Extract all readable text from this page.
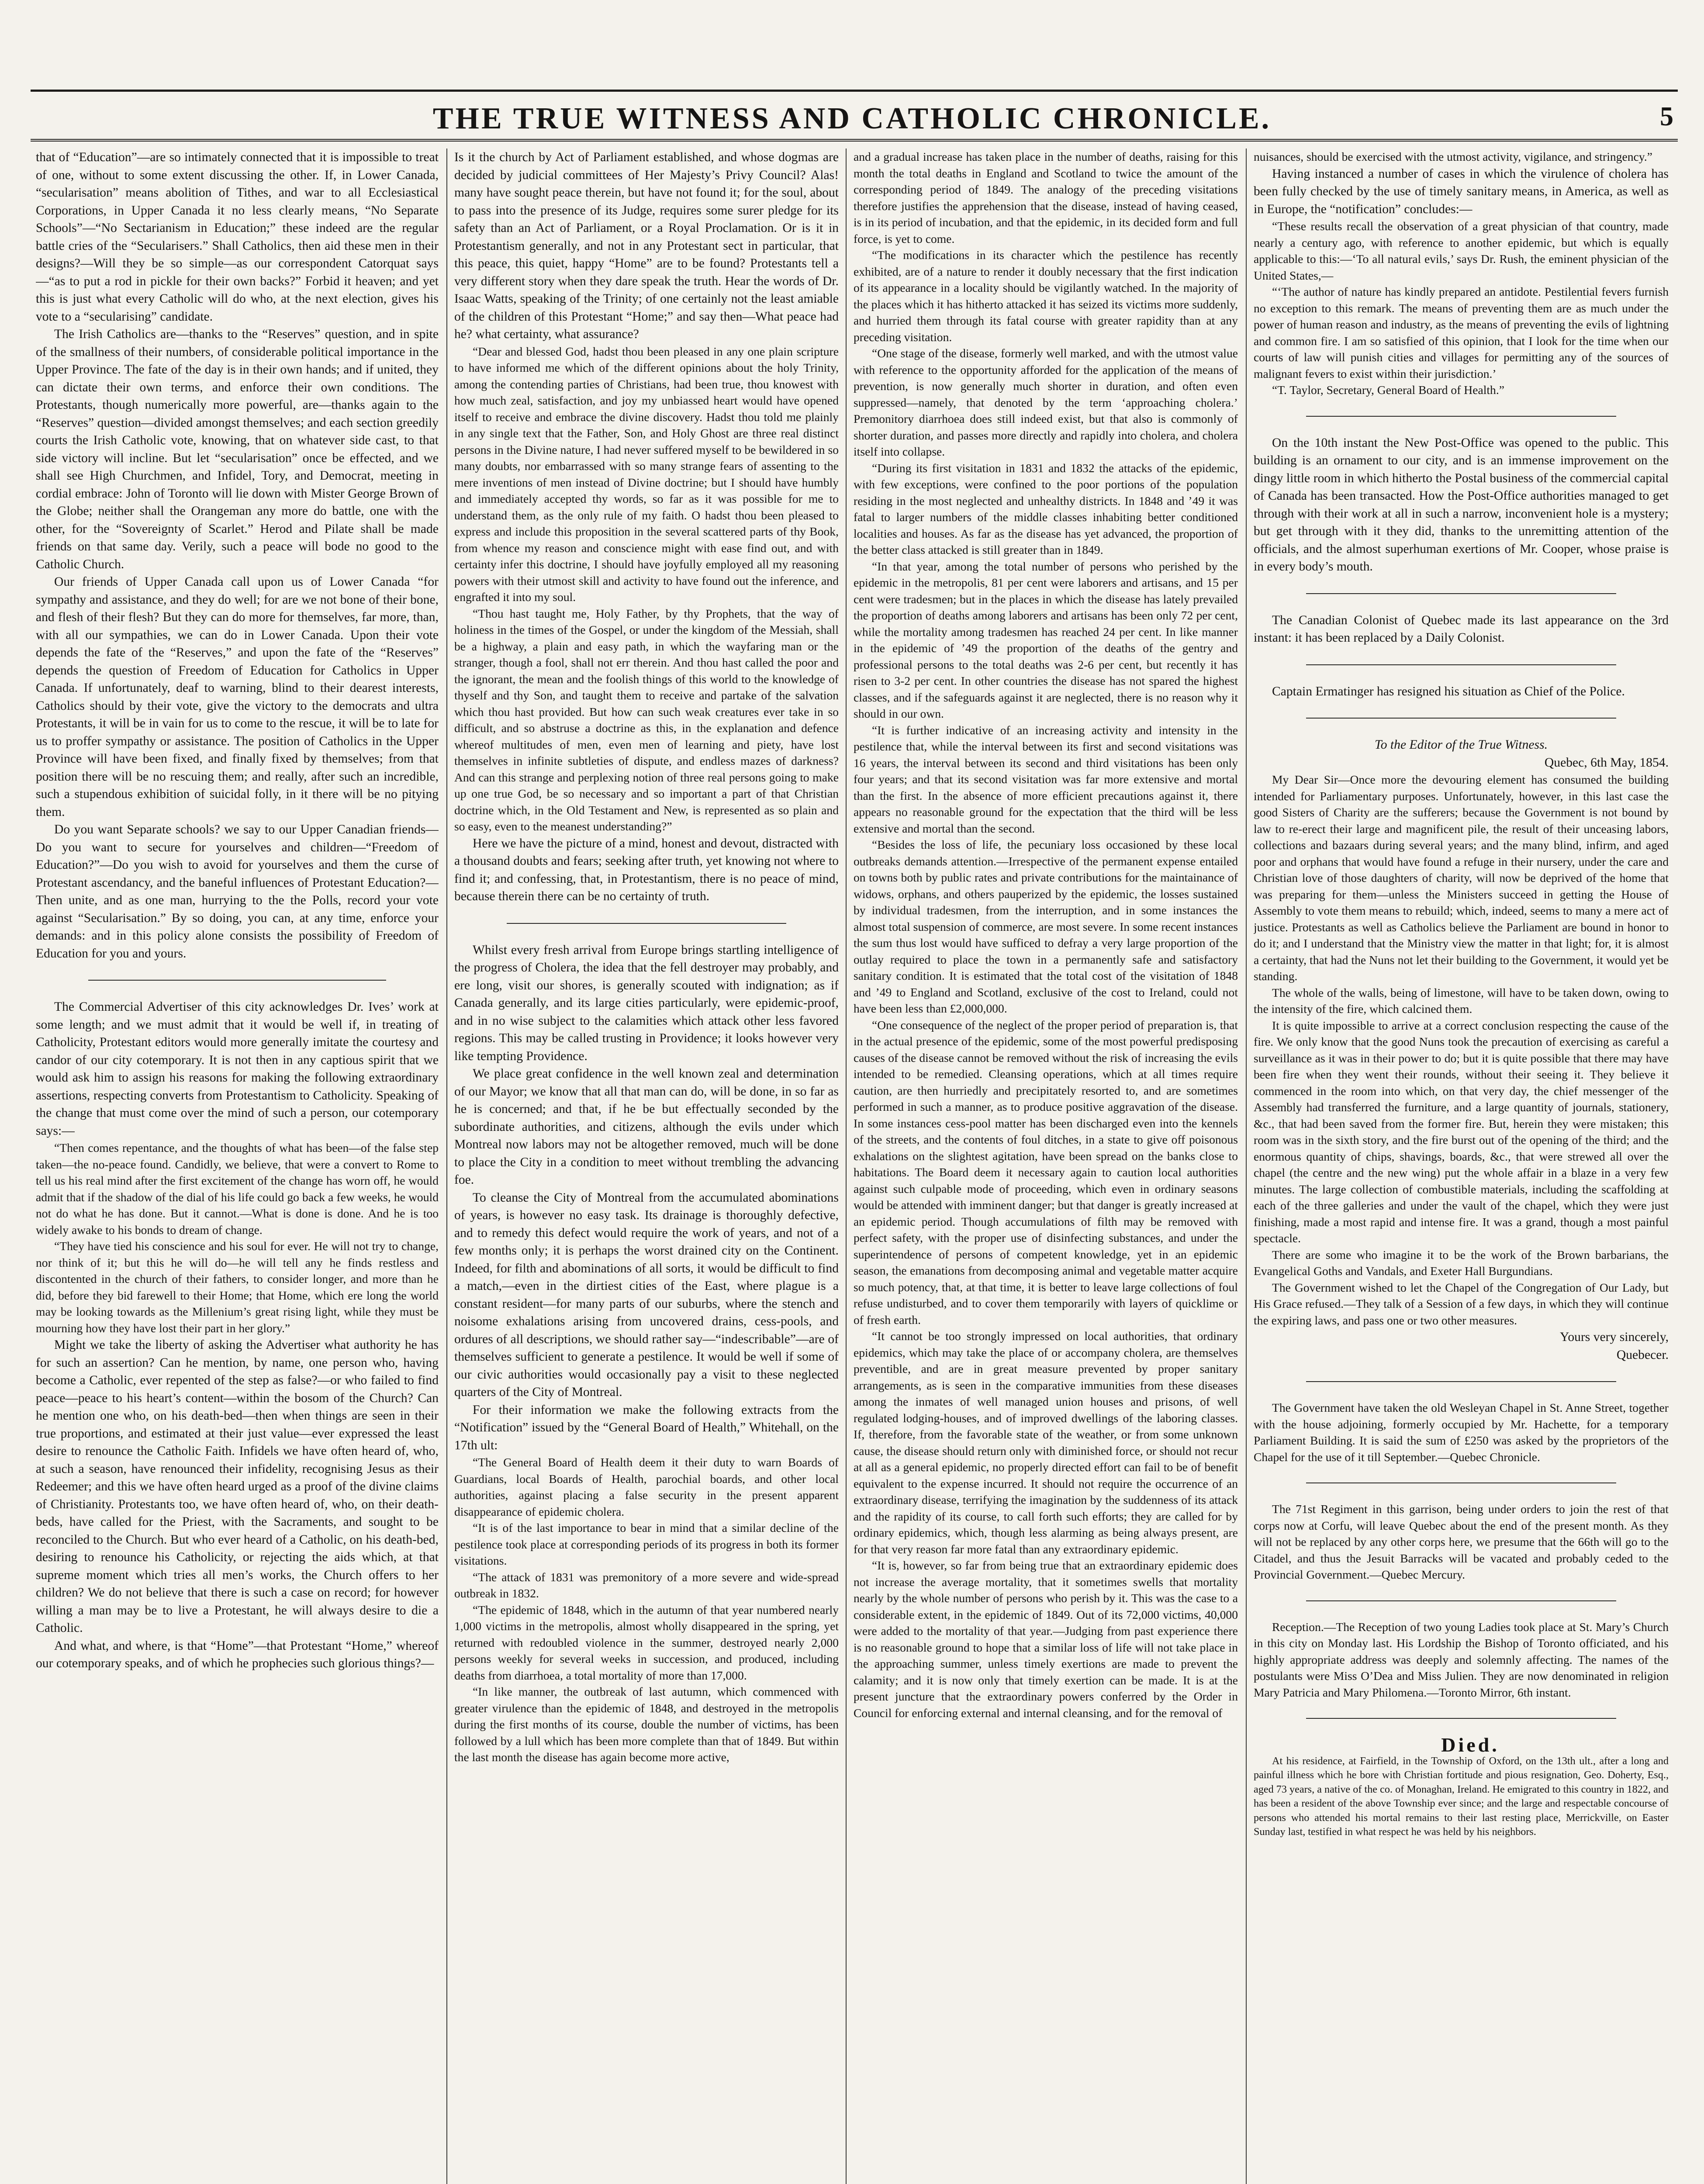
THE TRUE WITNESS AND CATHOLIC CHRONICLE.	5

that of “Education”—are so intimately connected that it is impossible to treat of one, without to some extent discussing the other. If, in Lower Canada, “secularisation” means abolition of Tithes, and war to all Ecclesiastical Corporations, in Upper Canada it no less clearly means, “No Separate Schools”—“No Sectarianism in Education;” these indeed are the regular battle cries of the “Secularisers.” Shall Catholics, then aid these men in their designs?—Will they be so simple—as our correspondent Catorquat says—“as to put a rod in pickle for their own backs?” Forbid it heaven; and yet this is just what every Catholic will do who, at the next election, gives his vote to a “secularising” candidate.

The Irish Catholics are—thanks to the “Reserves” question, and in spite of the smallness of their numbers, of considerable political importance in the Upper Province. The fate of the day is in their own hands; and if united, they can dictate their own terms, and enforce their own conditions. The Protestants, though numerically more powerful, are—thanks again to the “Reserves” question—divided amongst themselves; and each section greedily courts the Irish Catholic vote, knowing, that on whatever side cast, to that side victory will incline. But let “secularisation” once be effected, and we shall see High Churchmen, and Infidel, Tory, and Democrat, meeting in cordial embrace: John of Toronto will lie down with Mister George Brown of the Globe; neither shall the Orangeman any more do battle, one with the other, for the “Sovereignty of Scarlet.” Herod and Pilate shall be made friends on that same day. Verily, such a peace will bode no good to the Catholic Church.

Our friends of Upper Canada call upon us of Lower Canada “for sympathy and assistance, and they do well; for are we not bone of their bone, and flesh of their flesh? But they can do more for themselves, far more, than, with all our sympathies, we can do in Lower Canada. Upon their vote depends the fate of the “Reserves,” and upon the fate of the “Reserves” depends the question of Freedom of Education for Catholics in Upper Canada. If unfortunately, deaf to warning, blind to their dearest interests, Catholics should by their vote, give the victory to the democrats and ultra Protestants, it will be in vain for us to come to the rescue, it will be to late for us to proffer sympathy or assistance. The position of Catholics in the Upper Province will have been fixed, and finally fixed by themselves; from that position there will be no rescuing them; and really, after such an incredible, such a stupendous exhibition of suicidal folly, in it there will be no pitying them.

Do you want Separate schools? we say to our Upper Canadian friends—Do you want to secure for yourselves and children—“Freedom of Education?”—Do you wish to avoid for yourselves and them the curse of Protestant ascendancy, and the baneful influences of Protestant Education?—Then unite, and as one man, hurrying to the the Polls, record your vote against “Secularisation.” By so doing, you can, at any time, enforce your demands: and in this policy alone consists the possibility of Freedom of Education for you and yours.

The Commercial Advertiser of this city acknowledges Dr. Ives’ work at some length; and we must admit that it would be well if, in treating of Catholicity, Protestant editors would more generally imitate the courtesy and candor of our city cotemporary. It is not then in any captious spirit that we would ask him to assign his reasons for making the following extraordinary assertions, respecting converts from Protestantism to Catholicity. Speaking of the change that must come over the mind of such a person, our cotemporary says:—

“Then comes repentance, and the thoughts of what has been—of the false step taken—the no-peace found. Candidly, we believe, that were a convert to Rome to tell us his real mind after the first excitement of the change has worn off, he would admit that if the shadow of the dial of his life could go back a few weeks, he would not do what he has done. But it cannot.—What is done is done. And he is too widely awake to his bonds to dream of change.

“They have tied his conscience and his soul for ever. He will not try to change, nor think of it; but this he will do—he will tell any he finds restless and discontented in the church of their fathers, to consider longer, and more than he did, before they bid farewell to their Home; that Home, which ere long the world may be looking towards as the Millenium’s great rising light, while they must be mourning how they have lost their part in her glory.”

Might we take the liberty of asking the Advertiser what authority he has for such an assertion? Can he mention, by name, one person who, having become a Catholic, ever repented of the step as false?—or who failed to find peace—peace to his heart’s content—within the bosom of the Church? Can he mention one who, on his death-bed—then when things are seen in their true proportions, and estimated at their just value—ever expressed the least desire to renounce the Catholic Faith. Infidels we have often heard of, who, at such a season, have renounced their infidelity, recognising Jesus as their Redeemer; and this we have often heard urged as a proof of the divine claims of Christianity. Protestants too, we have often heard of, who, on their death-beds, have called for the Priest, with the Sacraments, and sought to be reconciled to the Church. But who ever heard of a Catholic, on his death-bed, desiring to renounce his Catholicity, or rejecting the aids which, at that supreme moment which tries all men’s works, the Church offers to her children? We do not believe that there is such a case on record; for however willing a man may be to live a Protestant, he will always desire to die a Catholic.

And what, and where, is that “Home”—that Protestant “Home,” whereof our cotemporary speaks, and of which he prophecies such glorious things?—

Is it the church by Act of Parliament established, and whose dogmas are decided by judicial committees of Her Majesty’s Privy Council? Alas! many have sought peace therein, but have not found it; for the soul, about to pass into the presence of its Judge, requires some surer pledge for its safety than an Act of Parliament, or a Royal Proclamation. Or is it in Protestantism generally, and not in any Protestant sect in particular, that this peace, this quiet, happy “Home” are to be found? Protestants tell a very different story when they dare speak the truth. Hear the words of Dr. Isaac Watts, speaking of the Trinity; of one certainly not the least amiable of the children of this Protestant “Home;” and say then—What peace had he? what certainty, what assurance?

“Dear and blessed God, hadst thou been pleased in any one plain scripture to have informed me which of the different opinions about the holy Trinity, among the contending parties of Christians, had been true, thou knowest with how much zeal, satisfaction, and joy my unbiassed heart would have opened itself to receive and embrace the divine discovery. Hadst thou told me plainly in any single text that the Father, Son, and Holy Ghost are three real distinct persons in the Divine nature, I had never suffered myself to be bewildered in so many doubts, nor embarrassed with so many strange fears of assenting to the mere inventions of men instead of Divine doctrine; but I should have humbly and immediately accepted thy words, so far as it was possible for me to understand them, as the only rule of my faith. O hadst thou been pleased to express and include this proposition in the several scattered parts of thy Book, from whence my reason and conscience might with ease find out, and with certainty infer this doctrine, I should have joyfully employed all my reasoning powers with their utmost skill and activity to have found out the inference, and engrafted it into my soul.

“Thou hast taught me, Holy Father, by thy Prophets, that the way of holiness in the times of the Gospel, or under the kingdom of the Messiah, shall be a highway, a plain and easy path, in which the wayfaring man or the stranger, though a fool, shall not err therein. And thou hast called the poor and the ignorant, the mean and the foolish things of this world to the knowledge of thyself and thy Son, and taught them to receive and partake of the salvation which thou hast provided. But how can such weak creatures ever take in so difficult, and so abstruse a doctrine as this, in the explanation and defence whereof multitudes of men, even men of learning and piety, have lost themselves in infinite subtleties of dispute, and endless mazes of darkness? And can this strange and perplexing notion of three real persons going to make up one true God, be so necessary and so important a part of that Christian doctrine which, in the Old Testament and New, is represented as so plain and so easy, even to the meanest understanding?”

Here we have the picture of a mind, honest and devout, distracted with a thousand doubts and fears; seeking after truth, yet knowing not where to find it; and confessing, that, in Protestantism, there is no peace of mind, because therein there can be no certainty of truth.

Whilst every fresh arrival from Europe brings startling intelligence of the progress of Cholera, the idea that the fell destroyer may probably, and ere long, visit our shores, is generally scouted with indignation; as if Canada generally, and its large cities particularly, were epidemic-proof, and in no wise subject to the calamities which attack other less favored regions. This may be called trusting in Providence; it looks however very like tempting Providence.

We place great confidence in the well known zeal and determination of our Mayor; we know that all that man can do, will be done, in so far as he is concerned; and that, if he be but effectually seconded by the subordinate authorities, and citizens, although the evils under which Montreal now labors may not be altogether removed, much will be done to place the City in a condition to meet without trembling the advancing foe.

To cleanse the City of Montreal from the accumulated abominations of years, is however no easy task. Its drainage is thoroughly defective, and to remedy this defect would require the work of years, and not of a few months only; it is perhaps the worst drained city on the Continent. Indeed, for filth and abominations of all sorts, it would be difficult to find a match,—even in the dirtiest cities of the East, where plague is a constant resident—for many parts of our suburbs, where the stench and noisome exhalations arising from uncovered drains, cess-pools, and ordures of all descriptions, we should rather say—“indescribable”—are of themselves sufficient to generate a pestilence. It would be well if some of our civic authorities would occasionally pay a visit to these neglected quarters of the City of Montreal.

For their information we make the following extracts from the “Notification” issued by the “General Board of Health,” Whitehall, on the 17th ult:

“The General Board of Health deem it their duty to warn Boards of Guardians, local Boards of Health, parochial boards, and other local authorities, against placing a false security in the present apparent disappearance of epidemic cholera.

“It is of the last importance to bear in mind that a similar decline of the pestilence took place at corresponding periods of its progress in both its former visitations.

“The attack of 1831 was premonitory of a more severe and wide-spread outbreak in 1832.

“The epidemic of 1848, which in the autumn of that year numbered nearly 1,000 victims in the metropolis, almost wholly disappeared in the spring, yet returned with redoubled violence in the summer, destroyed nearly 2,000 persons weekly for several weeks in succession, and produced, including deaths from diarrhoea, a total mortality of more than 17,000.

“In like manner, the outbreak of last autumn, which commenced with greater virulence than the epidemic of 1848, and destroyed in the metropolis during the first months of its course, double the number of victims, has been followed by a lull which has been more complete than that of 1849. But within the last month the disease has again become more active,

and a gradual increase has taken place in the number of deaths, raising for this month the total deaths in England and Scotland to twice the amount of the corresponding period of 1849. The analogy of the preceding visitations therefore justifies the apprehension that the disease, instead of having ceased, is in its period of incubation, and that the epidemic, in its decided form and full force, is yet to come.

“The modifications in its character which the pestilence has recently exhibited, are of a nature to render it doubly necessary that the first indication of its appearance in a locality should be vigilantly watched. In the majority of the places which it has hitherto attacked it has seized its victims more suddenly, and hurried them through its fatal course with greater rapidity than at any preceding visitation.

“One stage of the disease, formerly well marked, and with the utmost value with reference to the opportunity afforded for the application of the means of prevention, is now generally much shorter in duration, and often even suppressed—namely, that denoted by the term ‘approaching cholera.’ Premonitory diarrhoea does still indeed exist, but that also is commonly of shorter duration, and passes more directly and rapidly into cholera, and cholera itself into collapse.

“During its first visitation in 1831 and 1832 the attacks of the epidemic, with few exceptions, were confined to the poor portions of the population residing in the most neglected and unhealthy districts. In 1848 and ’49 it was fatal to larger numbers of the middle classes inhabiting better conditioned localities and houses. As far as the disease has yet advanced, the proportion of the better class attacked is still greater than in 1849.

“In that year, among the total number of persons who perished by the epidemic in the metropolis, 81 per cent were laborers and artisans, and 15 per cent were tradesmen; but in the places in which the disease has lately prevailed the proportion of deaths among laborers and artisans has been only 72 per cent, while the mortality among tradesmen has reached 24 per cent. In like manner in the epidemic of ’49 the proportion of the deaths of the gentry and professional persons to the total deaths was 2-6 per cent, but recently it has risen to 3-2 per cent. In other countries the disease has not spared the highest classes, and if the safeguards against it are neglected, there is no reason why it should in our own.

“It is further indicative of an increasing activity and intensity in the pestilence that, while the interval between its first and second visitations was 16 years, the interval between its second and third visitations has been only four years; and that its second visitation was far more extensive and mortal than the first. In the absence of more efficient precautions against it, there appears no reasonable ground for the expectation that the third will be less extensive and mortal than the second.

“Besides the loss of life, the pecuniary loss occasioned by these local outbreaks demands attention.—Irrespective of the permanent expense entailed on towns both by public rates and private contributions for the maintainance of widows, orphans, and others pauperized by the epidemic, the losses sustained by individual tradesmen, from the interruption, and in some instances the almost total suspension of commerce, are most severe. In some recent instances the sum thus lost would have sufficed to defray a very large proportion of the outlay required to place the town in a permanently safe and satisfactory sanitary condition. It is estimated that the total cost of the visitation of 1848 and ’49 to England and Scotland, exclusive of the cost to Ireland, could not have been less than £2,000,000.

“One consequence of the neglect of the proper period of preparation is, that in the actual presence of the epidemic, some of the most powerful predisposing causes of the disease cannot be removed without the risk of increasing the evils intended to be remedied. Cleansing operations, which at all times require caution, are then hurriedly and precipitately resorted to, and are sometimes performed in such a manner, as to produce positive aggravation of the disease. In some instances cess-pool matter has been discharged even into the kennels of the streets, and the contents of foul ditches, in a state to give off poisonous exhalations on the slightest agitation, have been spread on the banks close to habitations. The Board deem it necessary again to caution local authorities against such culpable mode of proceeding, which even in ordinary seasons would be attended with imminent danger; but that danger is greatly increased at an epidemic period. Though accumulations of filth may be removed with perfect safety, with the proper use of disinfecting substances, and under the superintendence of persons of competent knowledge, yet in an epidemic season, the emanations from decomposing animal and vegetable matter acquire so much potency, that, at that time, it is better to leave large collections of foul refuse undisturbed, and to cover them temporarily with layers of quicklime or of fresh earth.

“It cannot be too strongly impressed on local authorities, that ordinary epidemics, which may take the place of or accompany cholera, are themselves preventible, and are in great measure prevented by proper sanitary arrangements, as is seen in the comparative immunities from these diseases among the inmates of well managed union houses and prisons, of well regulated lodging-houses, and of improved dwellings of the laboring classes. If, therefore, from the favorable state of the weather, or from some unknown cause, the disease should return only with diminished force, or should not recur at all as a general epidemic, no properly directed effort can fail to be of benefit equivalent to the expense incurred. It should not require the occurrence of an extraordinary disease, terrifying the imagination by the suddenness of its attack and the rapidity of its course, to call forth such efforts; they are called for by ordinary epidemics, which, though less alarming as being always present, are for that very reason far more fatal than any extraordinary epidemic.

“It is, however, so far from being true that an extraordinary epidemic does not increase the average mortality, that it sometimes swells that mortality nearly by the whole number of persons who perish by it. This was the case to a considerable extent, in the epidemic of 1849. Out of its 72,000 victims, 40,000 were added to the mortality of that year.—Judging from past experience there is no reasonable ground to hope that a similar loss of life will not take place in the approaching summer, unless timely exertions are made to prevent the calamity; and it is now only that timely exertion can be made. It is at the present juncture that the extraordinary powers conferred by the Order in Council for enforcing external and internal cleansing, and for the removal of

nuisances, should be exercised with the utmost activity, vigilance, and stringency.”

Having instanced a number of cases in which the virulence of cholera has been fully checked by the use of timely sanitary means, in America, as well as in Europe, the “notification” concludes:—

“These results recall the observation of a great physician of that country, made nearly a century ago, with reference to another epidemic, but which is equally applicable to this:—‘To all natural evils,’ says Dr. Rush, the eminent physician of the United States,—

“‘The author of nature has kindly prepared an antidote. Pestilential fevers furnish no exception to this remark. The means of preventing them are as much under the power of human reason and industry, as the means of preventing the evils of lightning and common fire. I am so satisfied of this opinion, that I look for the time when our courts of law will punish cities and villages for permitting any of the sources of malignant fevers to exist within their jurisdiction.’

“T. Taylor, Secretary, General Board of Health.”

On the 10th instant the New Post-Office was opened to the public. This building is an ornament to our city, and is an immense improvement on the dingy little room in which hitherto the Postal business of the commercial capital of Canada has been transacted. How the Post-Office authorities managed to get through with their work at all in such a narrow, inconvenient hole is a mystery; but get through with it they did, thanks to the unremitting attention of the officials, and the almost superhuman exertions of Mr. Cooper, whose praise is in every body’s mouth.

The Canadian Colonist of Quebec made its last appearance on the 3rd instant: it has been replaced by a Daily Colonist.

Captain Ermatinger has resigned his situation as Chief of the Police.

To the Editor of the True Witness.

Quebec, 6th May, 1854.

My Dear Sir—Once more the devouring element has consumed the building intended for Parliamentary purposes. Unfortunately, however, in this last case the good Sisters of Charity are the sufferers; because the Government is not bound by law to re-erect their large and magnificent pile, the result of their unceasing labors, collections and bazaars during several years; and the many blind, infirm, and aged poor and orphans that would have found a refuge in their nursery, under the care and Christian love of those daughters of charity, will now be deprived of the home that was preparing for them—unless the Ministers succeed in getting the House of Assembly to vote them means to rebuild; which, indeed, seems to many a mere act of justice. Protestants as well as Catholics believe the Parliament are bound in honor to do it; and I understand that the Ministry view the matter in that light; for, it is almost a certainty, that had the Nuns not let their building to the Government, it would yet be standing.

The whole of the walls, being of limestone, will have to be taken down, owing to the intensity of the fire, which calcined them.

It is quite impossible to arrive at a correct conclusion respecting the cause of the fire. We only know that the good Nuns took the precaution of exercising as careful a surveillance as it was in their power to do; but it is quite possible that there may have been fire when they went their rounds, without their seeing it. They believe it commenced in the room into which, on that very day, the chief messenger of the Assembly had transferred the furniture, and a large quantity of journals, stationery, &c., that had been saved from the former fire. But, herein they were mistaken; this room was in the sixth story, and the fire burst out of the opening of the third; and the enormous quantity of chips, shavings, boards, &c., that were strewed all over the chapel (the centre and the new wing) put the whole affair in a blaze in a very few minutes. The large collection of combustible materials, including the scaffolding at each of the three galleries and under the vault of the chapel, which they were just finishing, made a most rapid and intense fire. It was a grand, though a most painful spectacle.

There are some who imagine it to be the work of the Brown barbarians, the Evangelical Goths and Vandals, and Exeter Hall Burgundians.

The Government wished to let the Chapel of the Congregation of Our Lady, but His Grace refused.—They talk of a Session of a few days, in which they will continue the expiring laws, and pass one or two other measures.

Yours very sincerely,

Quebecer.

The Government have taken the old Wesleyan Chapel in St. Anne Street, together with the house adjoining, formerly occupied by Mr. Hachette, for a temporary Parliament Building. It is said the sum of £250 was asked by the proprietors of the Chapel for the use of it till September.—Quebec Chronicle.

The 71st Regiment in this garrison, being under orders to join the rest of that corps now at Corfu, will leave Quebec about the end of the present month. As they will not be replaced by any other corps here, we presume that the 66th will go to the Citadel, and thus the Jesuit Barracks will be vacated and probably ceded to the Provincial Government.—Quebec Mercury.

Reception.—The Reception of two young Ladies took place at St. Mary’s Church in this city on Monday last. His Lordship the Bishop of Toronto officiated, and his highly appropriate address was deeply and solemnly affecting. The names of the postulants were Miss O’Dea and Miss Julien. They are now denominated in religion Mary Patricia and Mary Philomena.—Toronto Mirror, 6th instant.

Died.

At his residence, at Fairfield, in the Township of Oxford, on the 13th ult., after a long and painful illness which he bore with Christian fortitude and pious resignation, Geo. Doherty, Esq., aged 73 years, a native of the co. of Monaghan, Ireland. He emigrated to this country in 1822, and has been a resident of the above Township ever since; and the large and respectable concourse of persons who attended his mortal remains to their last resting place, Merrickville, on Easter Sunday last, testified in what respect he was held by his neighbors.
